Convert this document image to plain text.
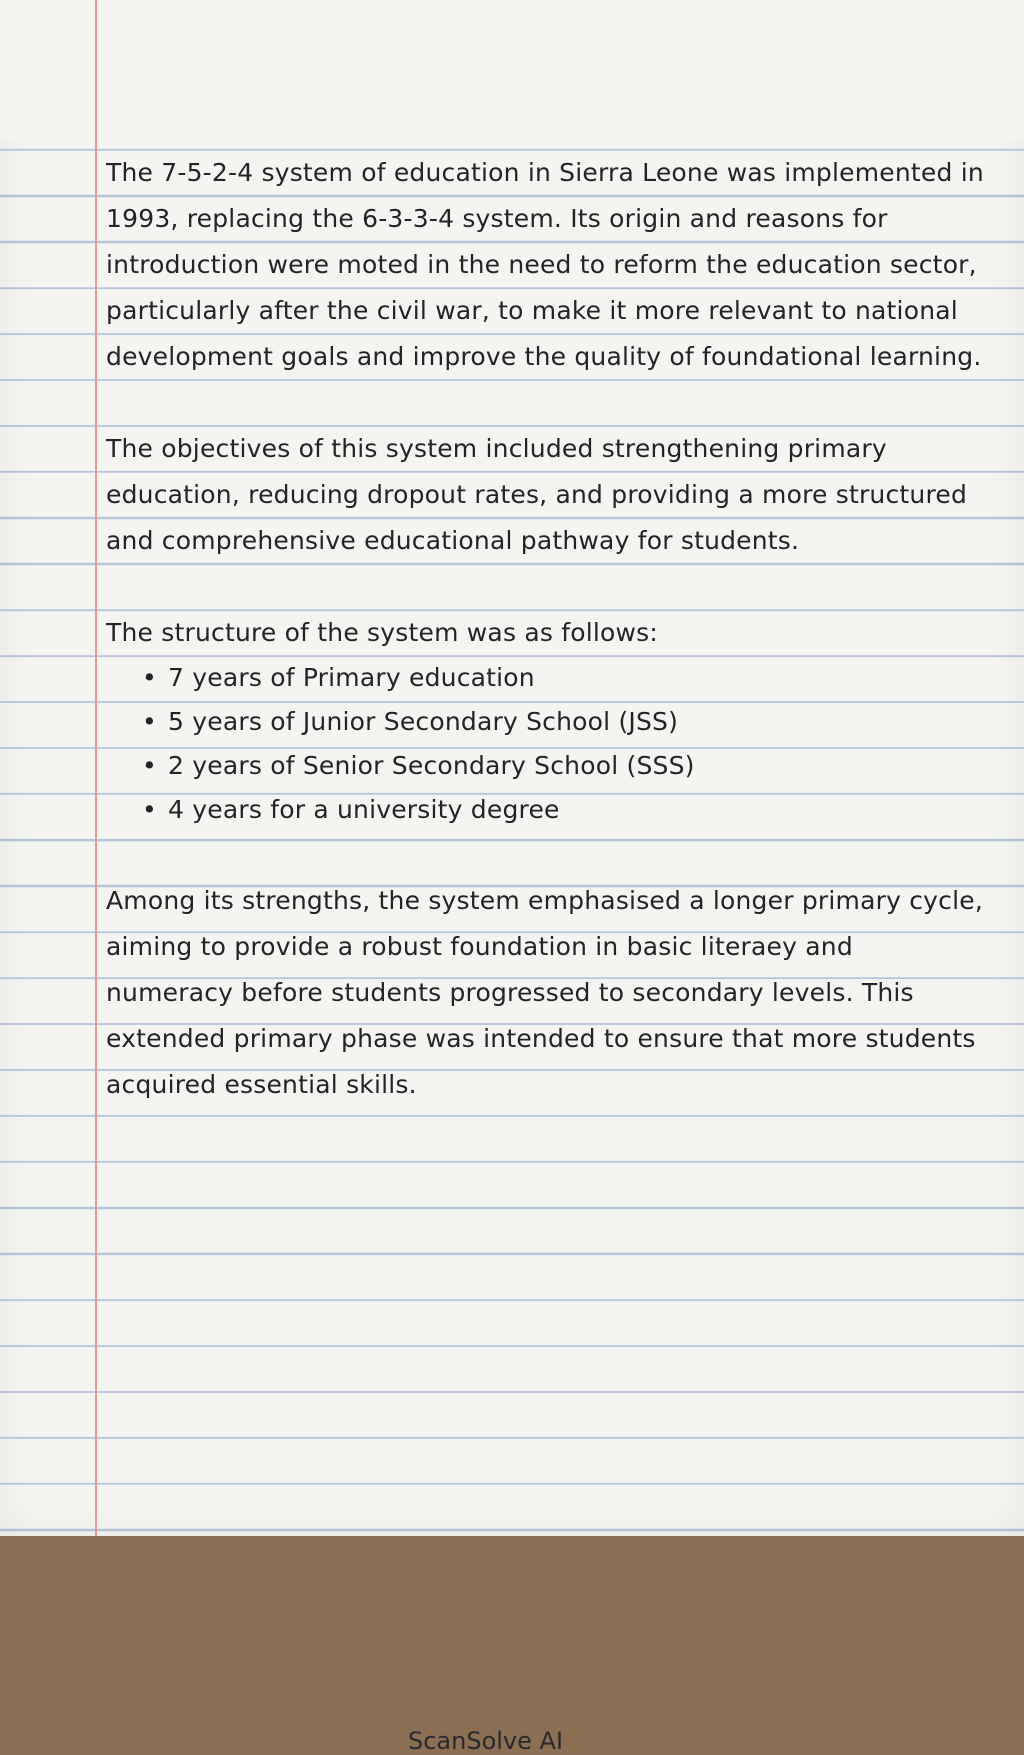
The 7-5-2-4 system of education in Sierra Leone was implemented in 1993, replacing the 6-3-3-4 system. Its origin and reasons for introduction were moted in the need to reform the education sector, particularly after the civil war, to make it more relevant to national development goals and improve the quality of foundational learning.

The objectives of this system included strengthening primary education, reducing dropout rates, and providing a more structured and comprehensive educational pathway for students.

The structure of the system was as follows:

• 7 years of Primary education
• 5 years of Junior Secondary School (JSS)
• 2 years of Senior Secondary School (SSS)
• 4 years for a university degree

Among its strengths, the system emphasised a longer primary cycle, aiming to provide a robust foundation in basic literaey and numeracy before students progressed to secondary levels. This extended primary phase was intended to ensure that more students acquired essential skills.

ScanSolve AI
